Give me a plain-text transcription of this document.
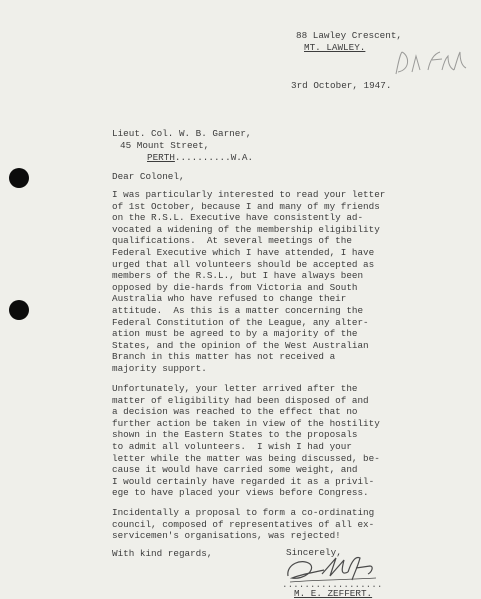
88 Lawley Crescent,
MT. LAWLEY.
3rd October, 1947.
Lieut. Col. W. B. Garner,
45 Mount Street,
PERTH..........W.A.
Dear Colonel,
I was particularly interested to read your letter
of 1st October, because I and many of my friends
on the R.S.L. Executive have consistently ad-
vocated a widening of the membership eligibility
qualifications.  At several meetings of the
Federal Executive which I have attended, I have
urged that all volunteers should be accepted as
members of the R.S.L., but I have always been
opposed by die-hards from Victoria and South
Australia who have refused to change their
attitude.  As this is a matter concerning the
Federal Constitution of the League, any alter-
ation must be agreed to by a majority of the
States, and the opinion of the West Australian
Branch in this matter has not received a
majority support.
Unfortunately, your letter arrived after the
matter of eligibility had been disposed of and
a decision was reached to the effect that no
further action be taken in view of the hostility
shown in the Eastern States to the proposals
to admit all volunteers.  I wish I had your
letter while the matter was being discussed, be-
cause it would have carried some weight, and
I would certainly have regarded it as a privil-
ege to have placed your views before Congress.
Incidentally a proposal to form a co-ordinating
council, composed of representatives of all ex-
servicemen's organisations, was rejected!
With kind regards,	Sincerely,
..................
M. E. ZEFFERT.
